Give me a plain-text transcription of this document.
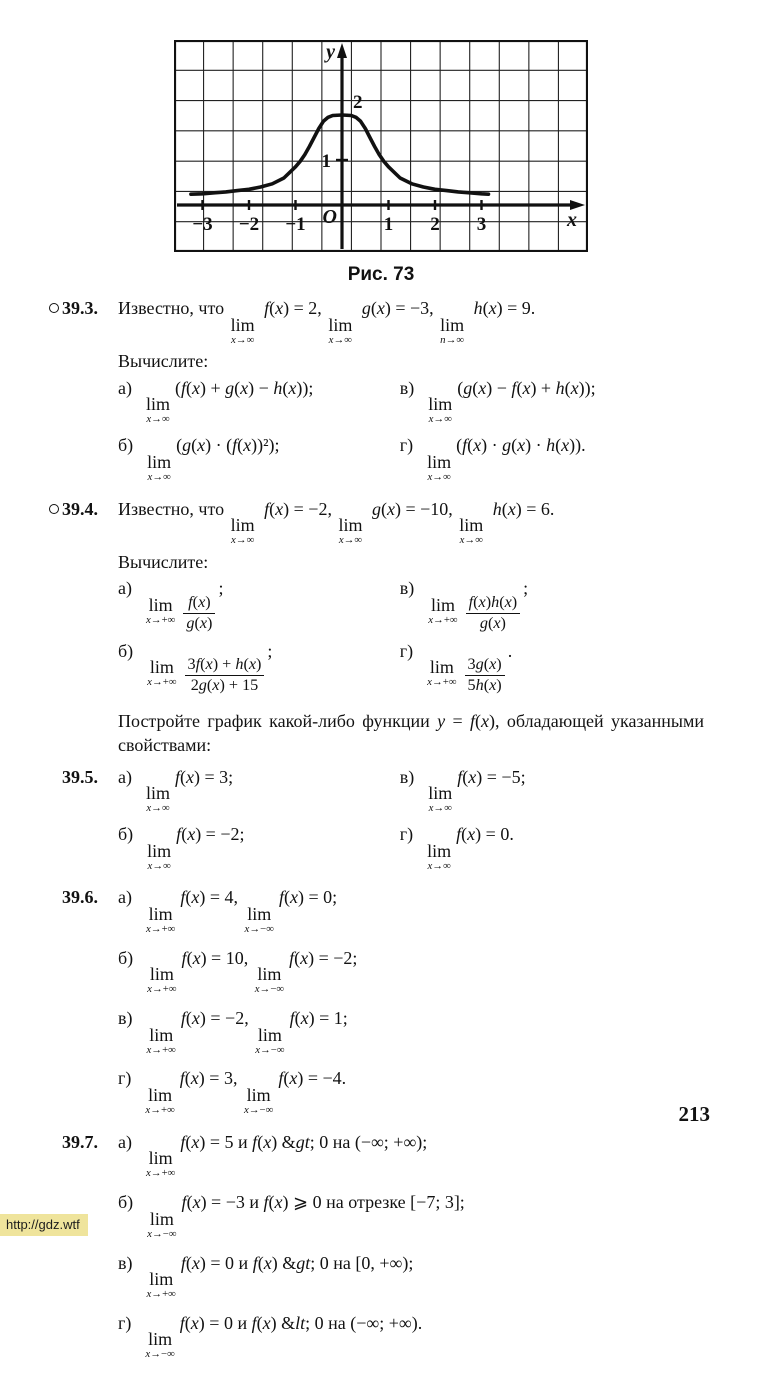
−3 −2 −1	1 2 3
1
2
y
x
O
Рис. 73
39.3. Известно, что
lim
x→∞
f(x) = 2,
lim
x→∞
g(x) = −3,
lim
n→∞
h(x) = 9.
Вычислите:
а)
lim
x→∞
(f(x) + g(x) − h(x));	в)
lim
x→∞
(g(x) − f(x) + h(x));
б)
lim
x→∞
(g(x) · (f(x))²);	г)
lim
x→∞
(f(x) · g(x) · h(x)).
39.4. Известно, что
lim
x→∞
f(x) = −2,
lim
x→∞
g(x) = −10,
lim
x→∞
h(x) = 6.
Вычислите:
а)
lim
$x\to+\infty \frac{f(x)}{g(x)}$
;	в)
lim
$x\to+\infty \frac{f(x)h(x)}{g(x)}$
;
б)
lim
$x\to+\infty \frac{3f(x) + h(x)}{2g(x) + 15}$
;	г)
lim
$x\to+\infty \frac{3g(x)}{5h(x)}$
.

Постройте график какой-либо функции y = f(x), обладающей указанными свойствами:

39.5. а)
lim
x→∞
f(x) = 3;	в)
lim
x→∞
f(x) = −5;
б)
lim
x→∞
f(x) = −2;	г)
lim
x→∞
f(x) = 0.
39.6. а)
lim
x→+∞
f(x) = 4,
lim
x→−∞
f(x) = 0;
б)
lim
x→+∞
f(x) = 10,
lim
x→−∞
f(x) = −2;
в)
lim
x→+∞
f(x) = −2,
lim
x→−∞
f(x) = 1;
г)
lim
x→+∞
f(x) = 3,
lim
x→−∞
f(x) = −4.
39.7. а)
lim
x→+∞
f(x) = 5 и f(x) &gt; 0 на (−∞; +∞);
б)
lim
x→−∞
f(x) = −3 и f(x) ⩾ 0 на отрезке [−7; 3];
в)
lim
x→+∞
f(x) = 0 и f(x) &gt; 0 на [0, +∞);
г)
lim
x→−∞
f(x) = 0 и f(x) &lt; 0 на (−∞; +∞).
213
http://gdz.wtf
